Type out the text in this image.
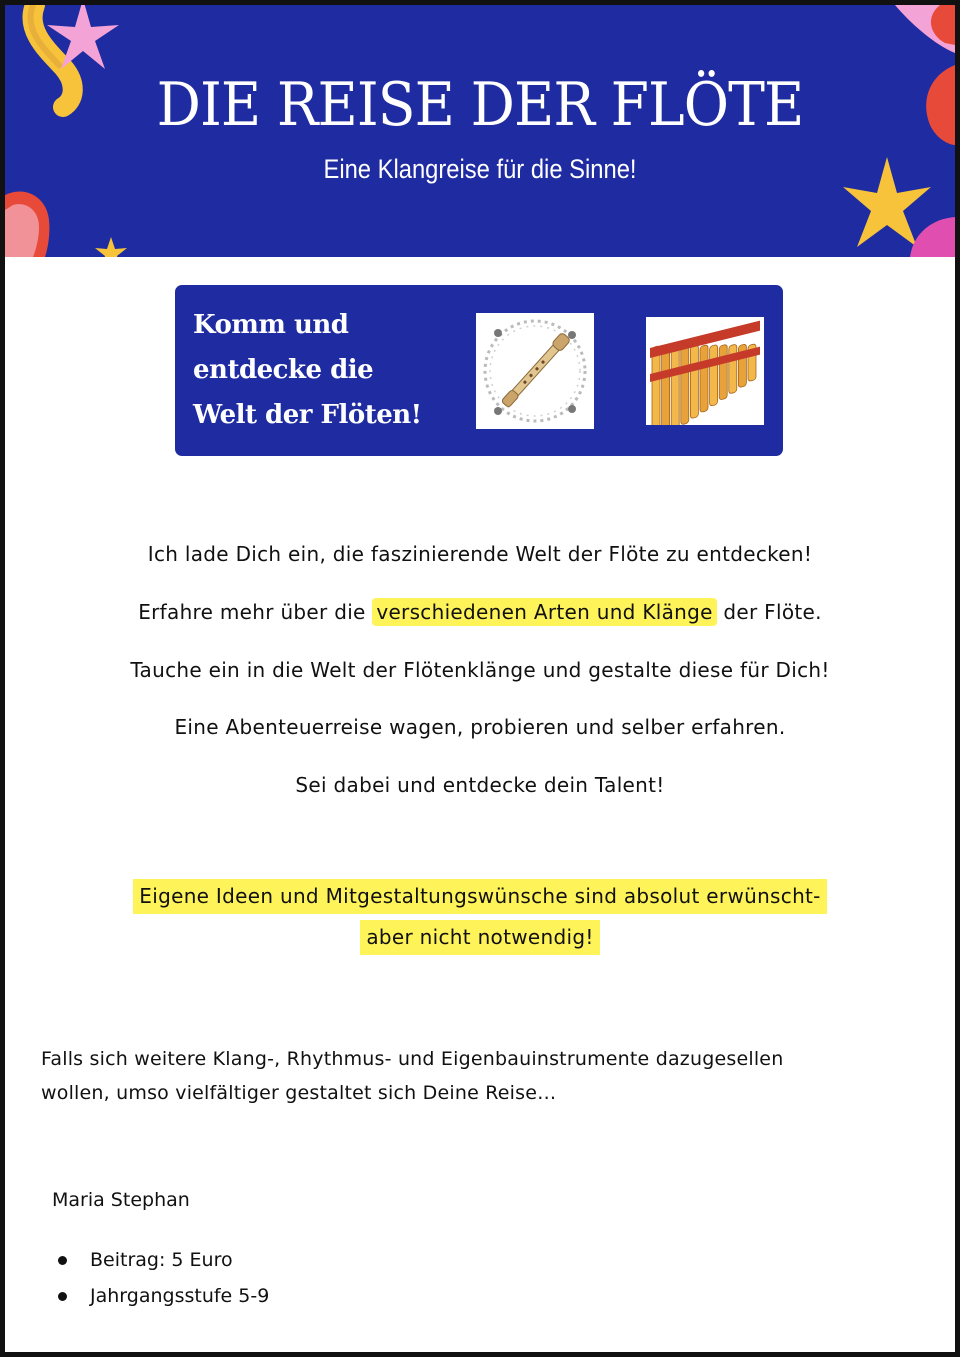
DIE REISE DER FLÖTE
Eine Klangreise für die Sinne!

Komm und
entdecke die
Welt der Flöten!

Ich lade Dich ein, die faszinierende Welt der Flöte zu entdecken!

Erfahre mehr über die verschiedenen Arten und Klänge der Flöte.

Tauche ein in die Welt der Flötenklänge und gestalte diese für Dich!

Eine Abenteuerreise wagen, probieren und selber erfahren.

Sei dabei und entdecke dein Talent!

Eigene Ideen und Mitgestaltungswünsche sind absolut erwünscht-
aber nicht notwendig!

Falls sich weitere Klang-, Rhythmus- und Eigenbauinstrumente dazugesellen
wollen, umso vielfältiger gestaltet sich Deine Reise…

Maria Stephan

Beitrag: 5 Euro
Jahrgangsstufe 5-9
